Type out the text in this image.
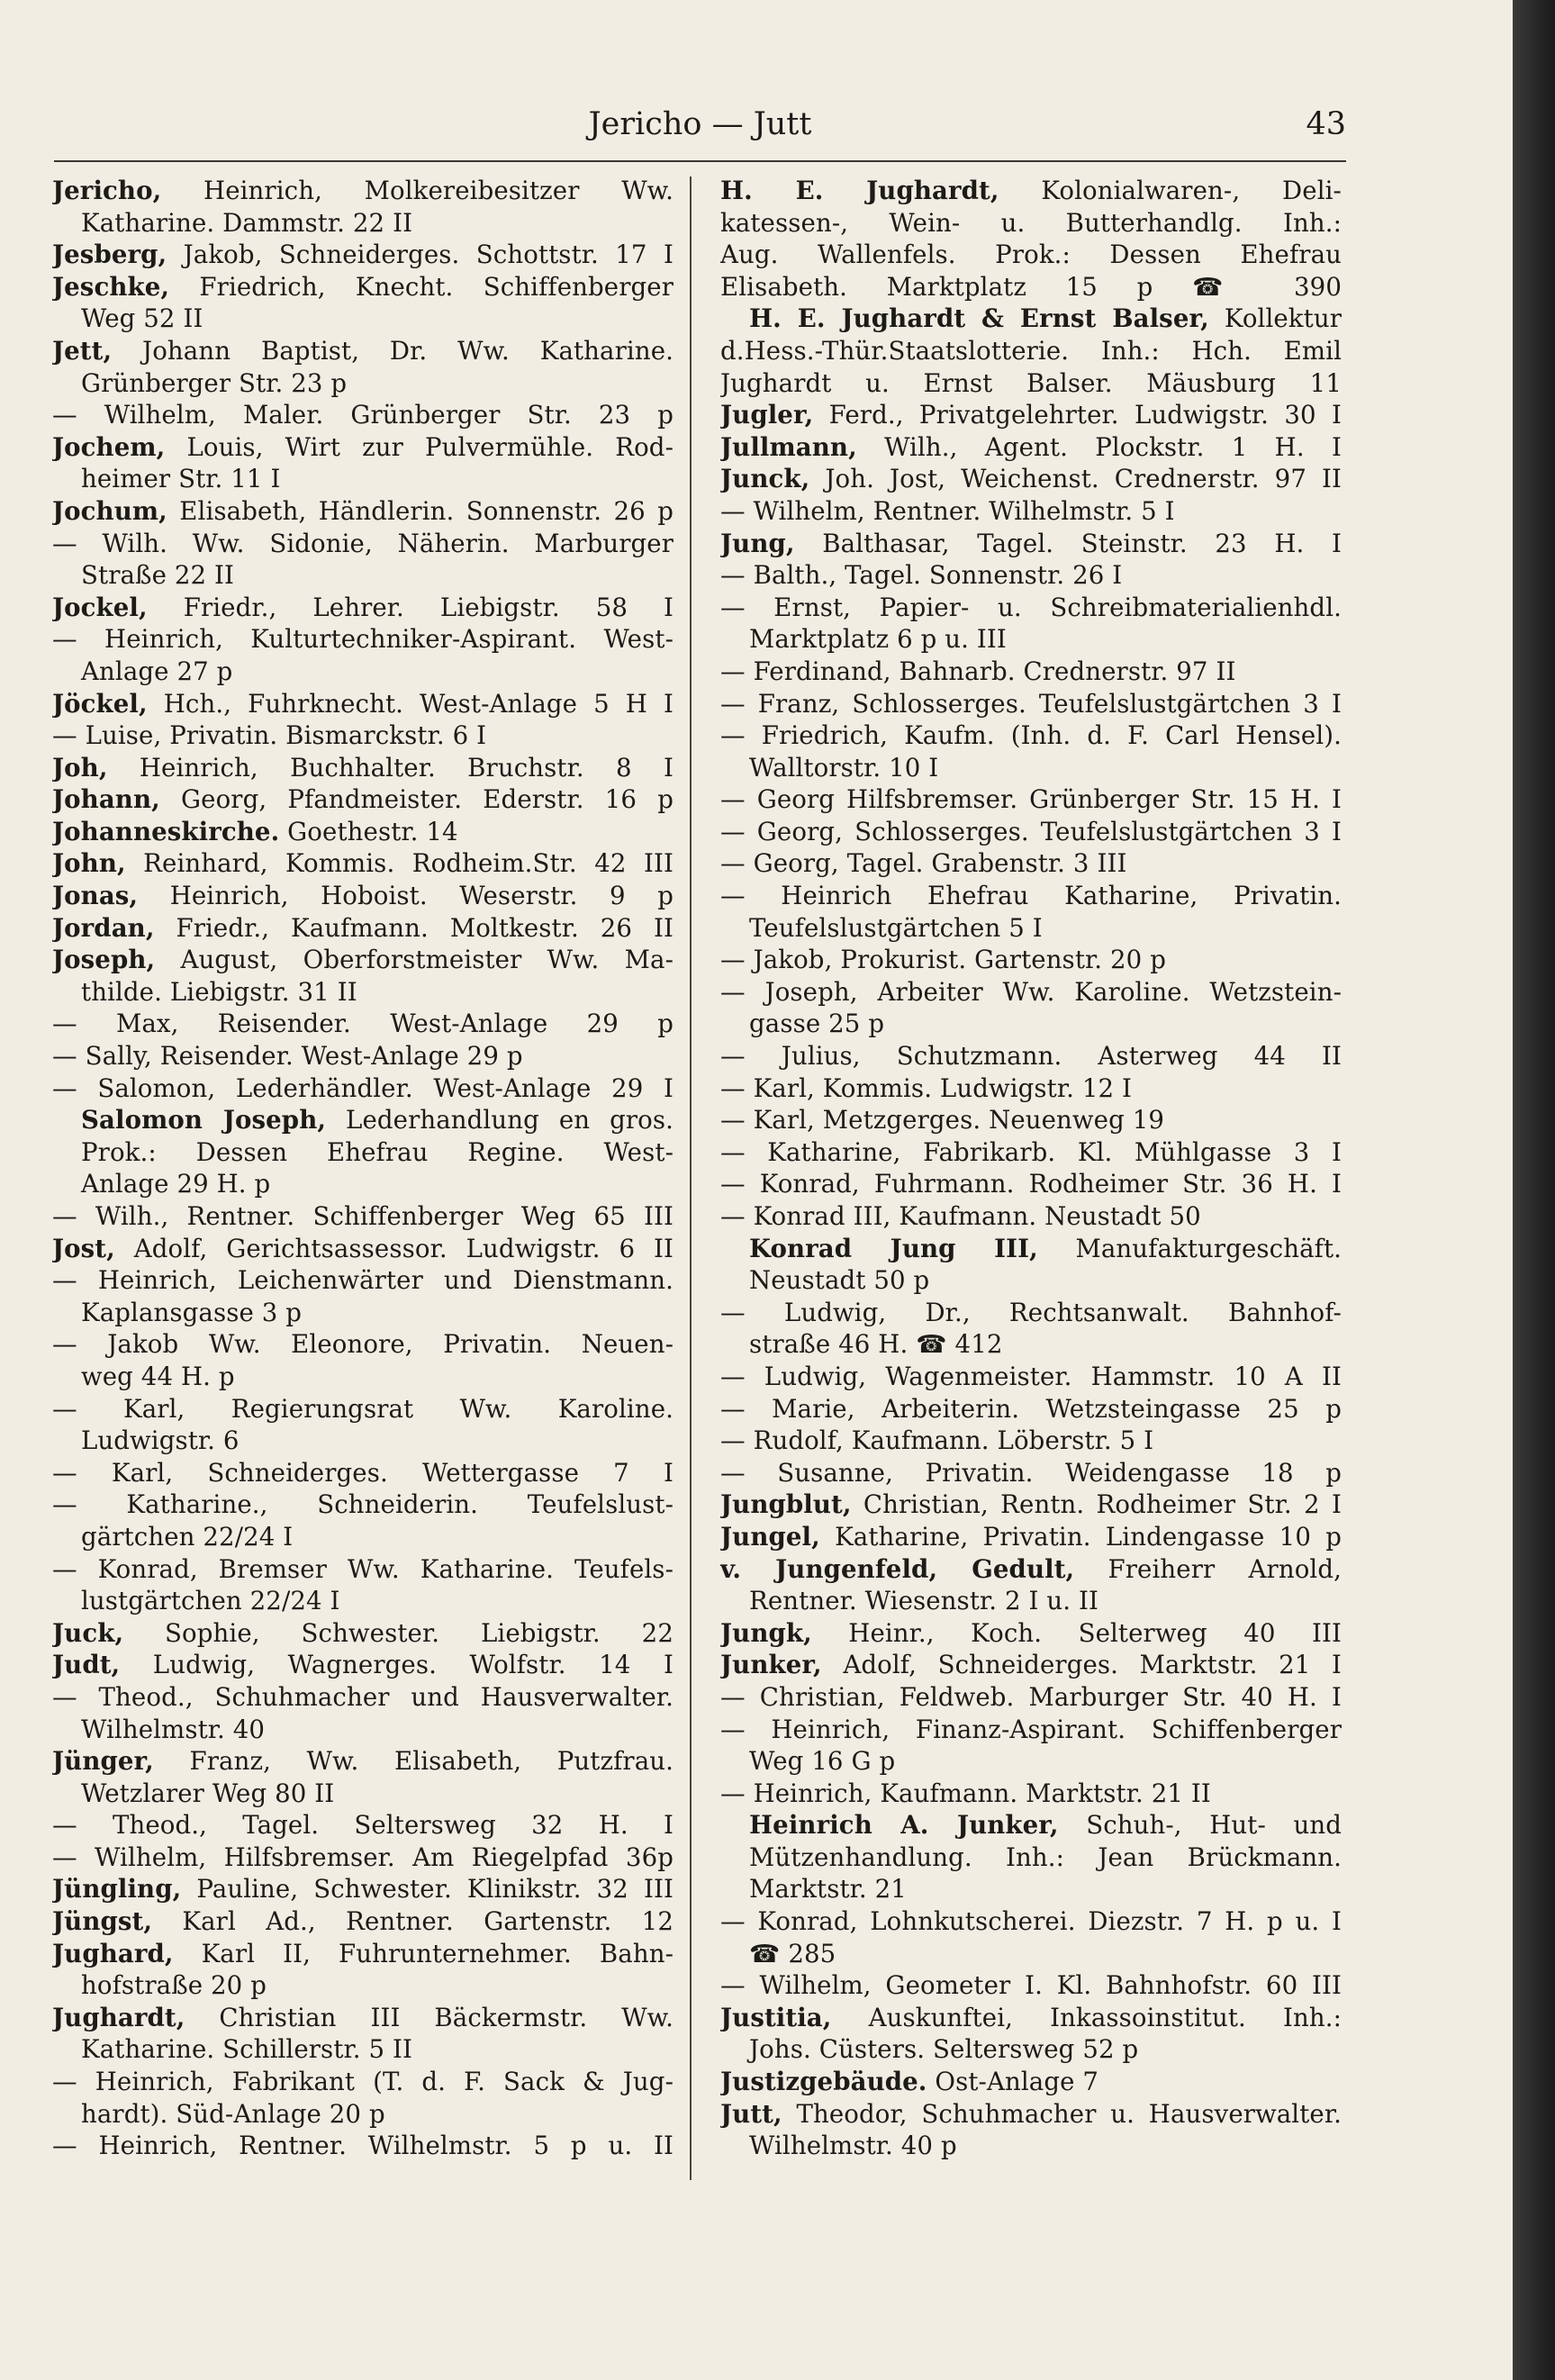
Jericho — Jutt	43
Jericho, Heinrich, Molkereibesitzer Ww.
Katharine. Dammstr. 22 II
Jesberg, Jakob, Schneiderges. Schottstr. 17 I
Jeschke, Friedrich, Knecht. Schiffenberger
Weg 52 II
Jett, Johann Baptist, Dr. Ww. Katharine.
Grünberger Str. 23 p
— Wilhelm, Maler. Grünberger Str. 23 p
Jochem, Louis, Wirt zur Pulvermühle. Rod-
heimer Str. 11 I
Jochum, Elisabeth, Händlerin. Sonnenstr. 26 p
— Wilh. Ww. Sidonie, Näherin. Marburger
Straße 22 II
Jockel, Friedr., Lehrer. Liebigstr. 58 I
— Heinrich, Kulturtechniker-Aspirant. West-
Anlage 27 p
Jöckel, Hch., Fuhrknecht. West-Anlage 5 H I
— Luise, Privatin. Bismarckstr. 6 I
Joh, Heinrich, Buchhalter. Bruchstr. 8 I
Johann, Georg, Pfandmeister. Ederstr. 16 p
Johanneskirche. Goethestr. 14
John, Reinhard, Kommis. Rodheim.Str. 42 III
Jonas, Heinrich, Hoboist. Weserstr. 9 p
Jordan, Friedr., Kaufmann. Moltkestr. 26 II
Joseph, August, Oberforstmeister Ww. Ma-
thilde. Liebigstr. 31 II
— Max, Reisender. West-Anlage 29 p
— Sally, Reisender. West-Anlage 29 p
— Salomon, Lederhändler. West-Anlage 29 I
Salomon Joseph, Lederhandlung en gros.
Prok.: Dessen Ehefrau Regine. West-
Anlage 29 H. p
— Wilh., Rentner. Schiffenberger Weg 65 III
Jost, Adolf, Gerichtsassessor. Ludwigstr. 6 II
— Heinrich, Leichenwärter und Dienstmann.
Kaplansgasse 3 p
— Jakob Ww. Eleonore, Privatin. Neuen-
weg 44 H. p
— Karl, Regierungsrat Ww. Karoline.
Ludwigstr. 6
— Karl, Schneiderges. Wettergasse 7 I
— Katharine., Schneiderin. Teufelslust-
gärtchen 22/24 I
— Konrad, Bremser Ww. Katharine. Teufels-
lustgärtchen 22/24 I
Juck, Sophie, Schwester. Liebigstr. 22
Judt, Ludwig, Wagnerges. Wolfstr. 14 I
— Theod., Schuhmacher und Hausverwalter.
Wilhelmstr. 40
Jünger, Franz, Ww. Elisabeth, Putzfrau.
Wetzlarer Weg 80 II
— Theod., Tagel. Seltersweg 32 H. I
— Wilhelm, Hilfsbremser. Am Riegelpfad 36p
Jüngling, Pauline, Schwester. Klinikstr. 32 III
Jüngst, Karl Ad., Rentner. Gartenstr. 12
Jughard, Karl II, Fuhrunternehmer. Bahn-
hofstraße 20 p
Jughardt, Christian III Bäckermstr. Ww.
Katharine. Schillerstr. 5 II
— Heinrich, Fabrikant (T. d. F. Sack & Jug-
hardt). Süd-Anlage 20 p
— Heinrich, Rentner. Wilhelmstr. 5 p u. II
H. E. Jughardt, Kolonialwaren-, Deli-
katessen-, Wein- u. Butterhandlg. Inh.:
Aug. Wallenfels. Prok.: Dessen Ehefrau
Elisabeth. Marktplatz 15 p ☎ 390
H. E. Jughardt & Ernst Balser, Kollektur
d.Hess.-Thür.Staatslotterie. Inh.: Hch. Emil
Jughardt u. Ernst Balser. Mäusburg 11
Jugler, Ferd., Privatgelehrter. Ludwigstr. 30 I
Jullmann, Wilh., Agent. Plockstr. 1 H. I
Junck, Joh. Jost, Weichenst. Crednerstr. 97 II
— Wilhelm, Rentner. Wilhelmstr. 5 I
Jung, Balthasar, Tagel. Steinstr. 23 H. I
— Balth., Tagel. Sonnenstr. 26 I
— Ernst, Papier- u. Schreibmaterialienhdl.
Marktplatz 6 p u. III
— Ferdinand, Bahnarb. Crednerstr. 97 II
— Franz, Schlosserges. Teufelslustgärtchen 3 I
— Friedrich, Kaufm. (Inh. d. F. Carl Hensel).
Walltorstr. 10 I
— Georg Hilfsbremser. Grünberger Str. 15 H. I
— Georg, Schlosserges. Teufelslustgärtchen 3 I
— Georg, Tagel. Grabenstr. 3 III
— Heinrich Ehefrau Katharine, Privatin.
Teufelslustgärtchen 5 I
— Jakob, Prokurist. Gartenstr. 20 p
— Joseph, Arbeiter Ww. Karoline. Wetzstein-
gasse 25 p
— Julius, Schutzmann. Asterweg 44 II
— Karl, Kommis. Ludwigstr. 12 I
— Karl, Metzgerges. Neuenweg 19
— Katharine, Fabrikarb. Kl. Mühlgasse 3 I
— Konrad, Fuhrmann. Rodheimer Str. 36 H. I
— Konrad III, Kaufmann. Neustadt 50
Konrad Jung III, Manufakturgeschäft.
Neustadt 50 p
— Ludwig, Dr., Rechtsanwalt. Bahnhof-
straße 46 H. ☎ 412
— Ludwig, Wagenmeister. Hammstr. 10 A II
— Marie, Arbeiterin. Wetzsteingasse 25 p
— Rudolf, Kaufmann. Löberstr. 5 I
— Susanne, Privatin. Weidengasse 18 p
Jungblut, Christian, Rentn. Rodheimer Str. 2 I
Jungel, Katharine, Privatin. Lindengasse 10 p
v. Jungenfeld, Gedult, Freiherr Arnold,
Rentner. Wiesenstr. 2 I u. II
Jungk, Heinr., Koch. Selterweg 40 III
Junker, Adolf, Schneiderges. Marktstr. 21 I
— Christian, Feldweb. Marburger Str. 40 H. I
— Heinrich, Finanz-Aspirant. Schiffenberger
Weg 16 G p
— Heinrich, Kaufmann. Marktstr. 21 II
Heinrich A. Junker, Schuh-, Hut- und
Mützenhandlung. Inh.: Jean Brückmann.
Marktstr. 21
— Konrad, Lohnkutscherei. Diezstr. 7 H. p u. I
☎ 285
— Wilhelm, Geometer I. Kl. Bahnhofstr. 60 III
Justitia, Auskunftei, Inkassoinstitut. Inh.:
Johs. Cüsters. Seltersweg 52 p
Justizgebäude. Ost-Anlage 7
Jutt, Theodor, Schuhmacher u. Hausverwalter.
Wilhelmstr. 40 p
